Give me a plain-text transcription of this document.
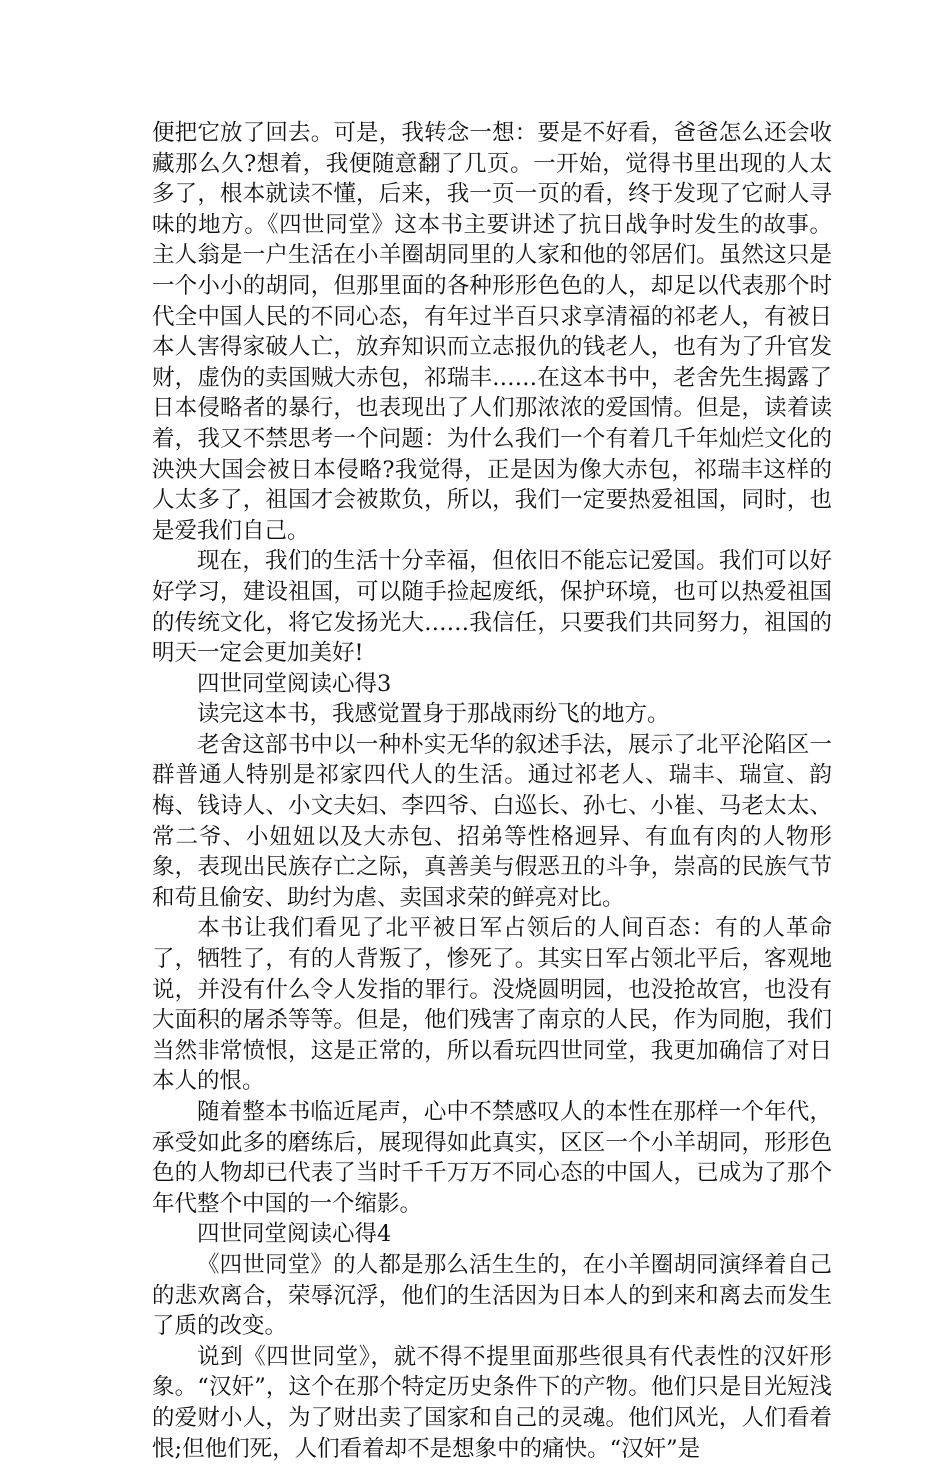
便把它放了回去。可是，我转念一想：要是不好看，爸爸怎么还会收藏那么久?想着，我便随意翻了几页。一开始，觉得书里出现的人太多了，根本就读不懂，后来，我一页一页的看，终于发现了它耐人寻味的地方。《四世同堂》这本书主要讲述了抗日战争时发生的故事。主人翁是一户生活在小羊圈胡同里的人家和他的邻居们。虽然这只是一个小小的胡同，但那里面的各种形形色色的人，却足以代表那个时代全中国人民的不同心态，有年过半百只求享清福的祁老人，有被日本人害得家破人亡，放弃知识而立志报仇的钱老人，也有为了升官发财，虚伪的卖国贼大赤包，祁瑞丰……在这本书中，老舍先生揭露了日本侵略者的暴行，也表现出了人们那浓浓的爱国情。但是，读着读着，我又不禁思考一个问题：为什么我们一个有着几千年灿烂文化的泱泱大国会被日本侵略?我觉得，正是因为像大赤包，祁瑞丰这样的人太多了，祖国才会被欺负，所以，我们一定要热爱祖国，同时，也是爱我们自己。

现在，我们的生活十分幸福，但依旧不能忘记爱国。我们可以好好学习，建设祖国，可以随手捡起废纸，保护环境，也可以热爱祖国的传统文化，将它发扬光大……我信任，只要我们共同努力，祖国的明天一定会更加美好!

四世同堂阅读心得3

读完这本书，我感觉置身于那战雨纷飞的地方。

老舍这部书中以一种朴实无华的叙述手法，展示了北平沦陷区一群普通人特别是祁家四代人的生活。通过祁老人、瑞丰、瑞宣、韵梅、钱诗人、小文夫妇、李四爷、白巡长、孙七、小崔、马老太太、常二爷、小妞妞以及大赤包、招弟等性格迥异、有血有肉的人物形象，表现出民族存亡之际，真善美与假恶丑的斗争，崇高的民族气节和苟且偷安、助纣为虐、卖国求荣的鲜亮对比。

本书让我们看见了北平被日军占领后的人间百态：有的人革命了，牺牲了，有的人背叛了，惨死了。其实日军占领北平后，客观地说，并没有什么令人发指的罪行。没烧圆明园，也没抢故宫，也没有大面积的屠杀等等。但是，他们残害了南京的人民，作为同胞，我们当然非常愤恨，这是正常的，所以看玩四世同堂，我更加确信了对日本人的恨。

随着整本书临近尾声，心中不禁感叹人的本性在那样一个年代，承受如此多的磨练后，展现得如此真实，区区一个小羊胡同，形形色色的人物却已代表了当时千千万万不同心态的中国人，已成为了那个年代整个中国的一个缩影。

四世同堂阅读心得4

《四世同堂》的人都是那么活生生的，在小羊圈胡同演绎着自己的悲欢离合，荣辱沉浮，他们的生活因为日本人的到来和离去而发生了质的改变。

说到《四世同堂》，就不得不提里面那些很具有代表性的汉奸形象。“汉奸”，这个在那个特定历史条件下的产物。他们只是目光短浅的爱财小人，为了财出卖了国家和自己的灵魂。他们风光，人们看着恨;但他们死，人们看着却不是想象中的痛快。“汉奸”是
